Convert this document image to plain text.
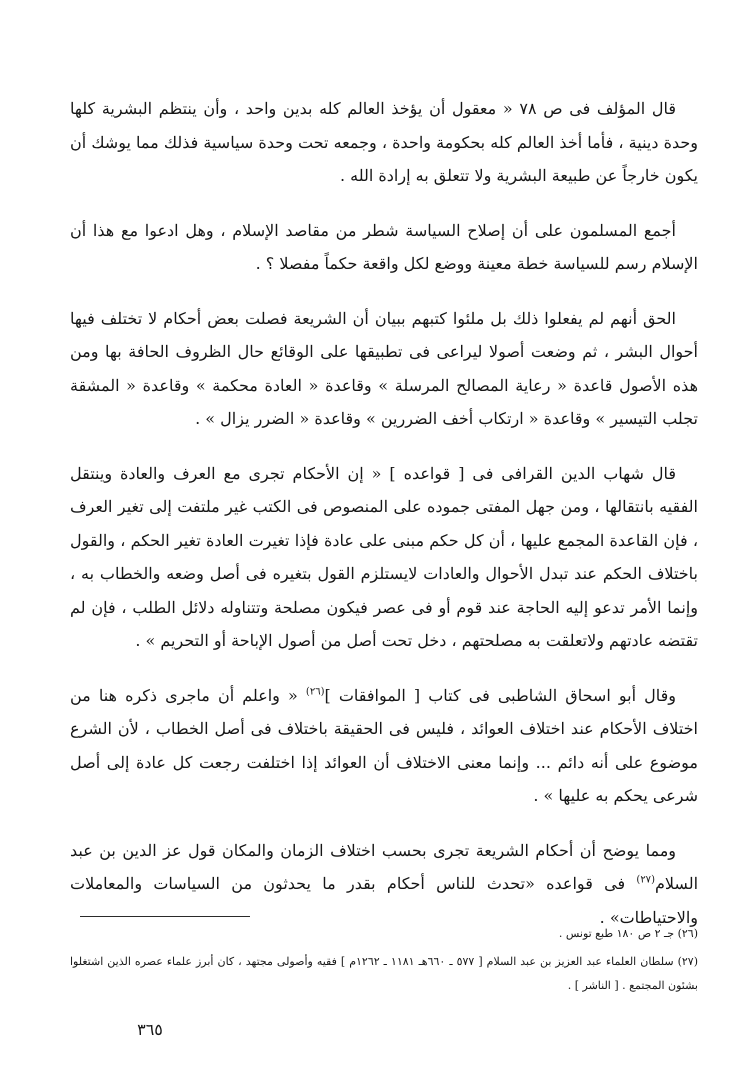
قال المؤلف فى ص ٧٨ « معقول أن يؤخذ العالم كله بدين واحد ، وأن ينتظم البشرية كلها وحدة دينية ، فأما أخذ العالم كله بحكومة واحدة ، وجمعه تحت وحدة سياسية فذلك مما يوشك أن يكون خارجاً عن طبيعة البشرية ولا تتعلق به إرادة الله .

أجمع المسلمون على أن إصلاح السياسة شطر من مقاصد الإسلام ، وهل ادعوا مع هذا أن الإسلام رسم للسياسة خطة معينة ووضع لكل واقعة حكماً مفصلا ؟ .

الحق أنهم لم يفعلوا ذلك بل ملئوا كتبهم ببيان أن الشريعة فصلت بعض أحكام لا تختلف فيها أحوال البشر ، ثم وضعت أصولا ليراعى فى تطبيقها على الوقائع حال الظروف الحافة بها ومن هذه الأصول قاعدة « رعاية المصالح المرسلة » وقاعدة « العادة محكمة » وقاعدة « المشقة تجلب التيسير » وقاعدة « ارتكاب أخف الضررين » وقاعدة « الضرر يزال » .

قال شهاب الدين القرافى فى [ قواعده ] « إن الأحكام تجرى مع العرف والعادة وينتقل الفقيه بانتقالها ، ومن جهل المفتى جموده على المنصوص فى الكتب غير ملتفت إلى تغير العرف ، فإن القاعدة المجمع عليها ، أن كل حكم مبنى على عادة فإذا تغيرت العادة تغير الحكم ، والقول باختلاف الحكم عند تبدل الأحوال والعادات لايستلزم القول بتغيره فى أصل وضعه والخطاب به ، وإنما الأمر تدعو إليه الحاجة عند قوم أو فى عصر فيكون مصلحة وتتناوله دلائل الطلب ، فإن لم تقتضه عادتهم ولاتعلقت به مصلحتهم ، دخل تحت أصل من أصول الإباحة أو التحريم » .

وقال أبو اسحاق الشاطبى فى كتاب [ الموافقات ]$^{(٢٦)}$ « واعلم أن ماجرى ذكره هنا من اختلاف الأحكام عند اختلاف العوائد ، فليس فى الحقيقة باختلاف فى أصل الخطاب ، لأن الشرع موضوع على أنه دائم ... وإنما معنى الاختلاف أن العوائد إذا اختلفت رجعت كل عادة إلى أصل شرعى يحكم به عليها » .

ومما يوضح أن أحكام الشريعة تجرى بحسب اختلاف الزمان والمكان قول عز الدين بن عبد السلام$^{(٢٧)}$ فى قواعده «تحدث للناس أحكام بقدر ما يحدثون من السياسات والمعاملات والاحتياطات» .

(٢٦) جـ ٢ ص ١٨٠ طبع تونس .

(٢٧) سلطان العلماء عبد العزيز بن عبد السلام [ ٥٧٧ ـ ٦٦٠هـ ١١٨١ ـ ١٢٦٢م ] فقيه وأصولى مجتهد ، كان أبرز علماء عصره الذين اشتغلوا بشئون المجتمع . [ الناشر ] .

٣٦٥
